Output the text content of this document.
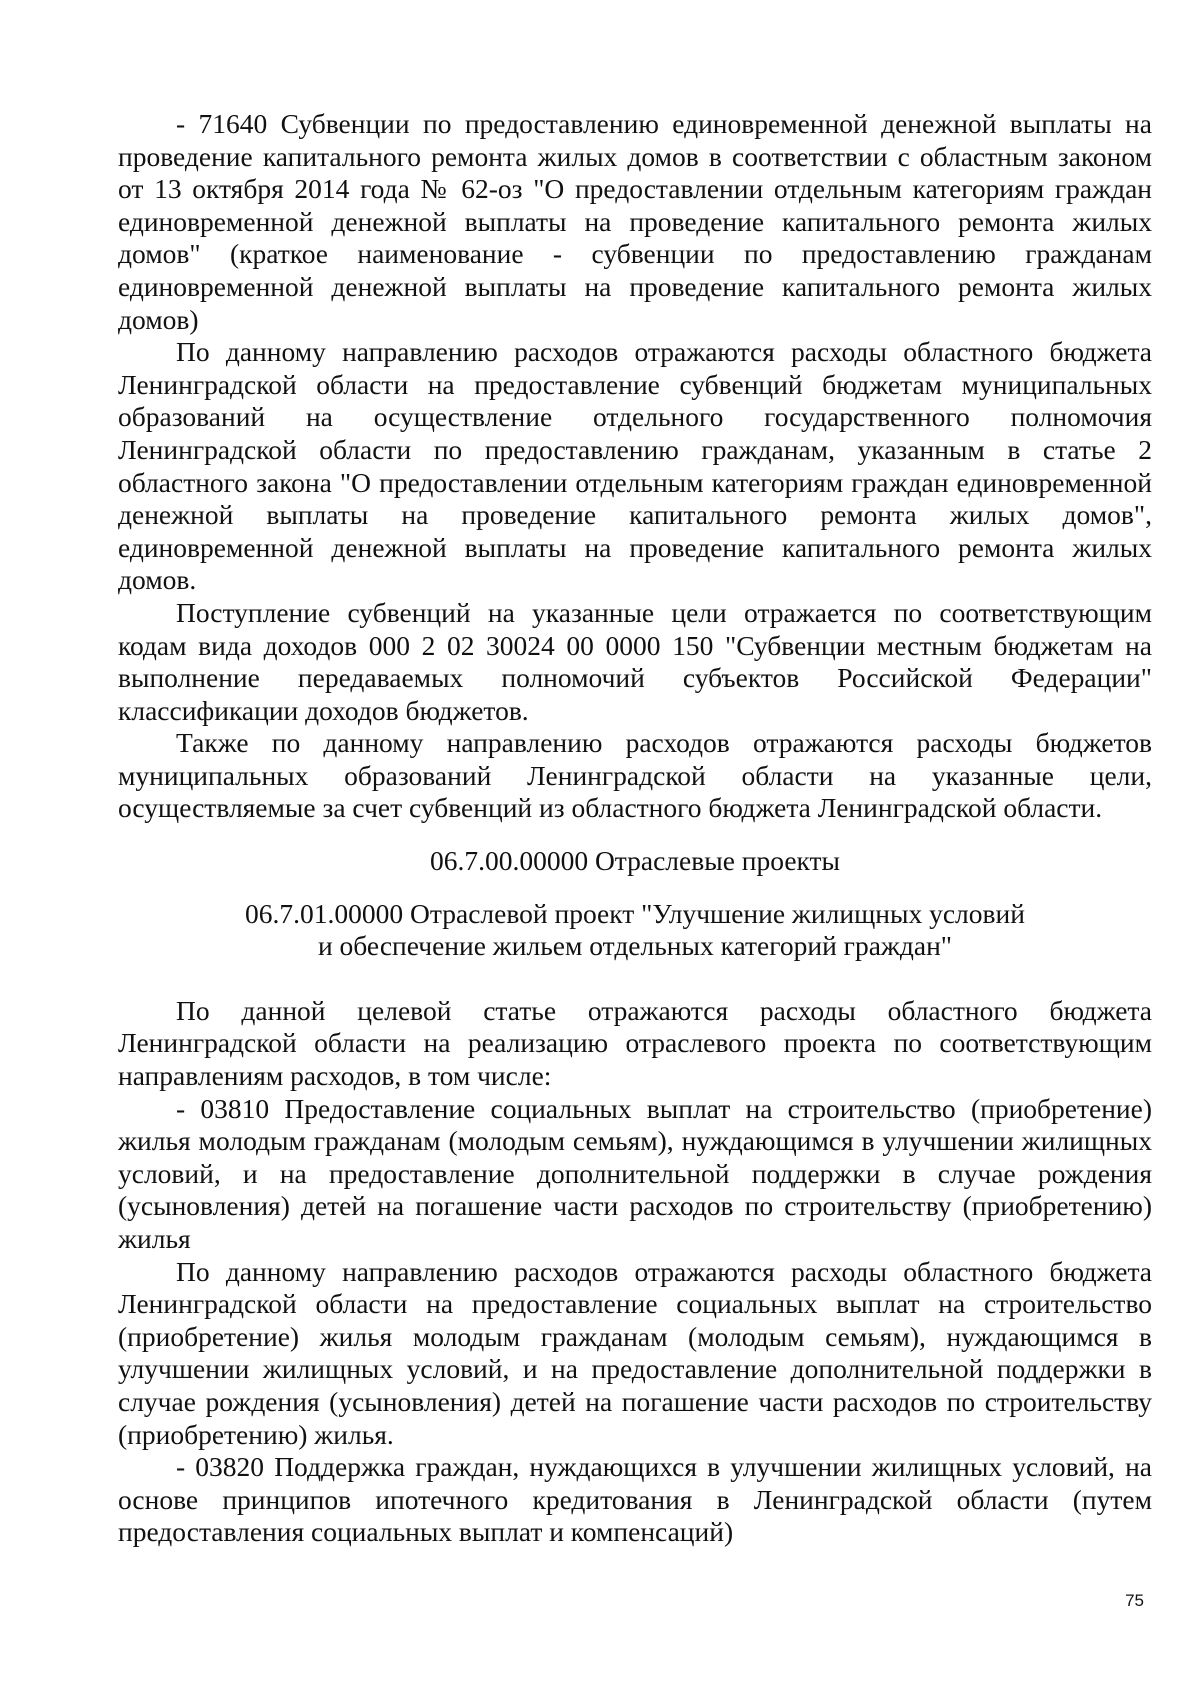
- 71640 Субвенции по предоставлению единовременной денежной выплаты на проведение капитального ремонта жилых домов в соответствии с областным законом от 13 октября 2014 года № 62-оз "О предоставлении отдельным категориям граждан единовременной денежной выплаты на проведение капитального ремонта жилых домов" (краткое наименование - субвенции по предоставлению гражданам единовременной денежной выплаты на проведение капитального ремонта жилых домов)

По данному направлению расходов отражаются расходы областного бюджета Ленинградской области на предоставление субвенций бюджетам муниципальных образований на осуществление отдельного государственного полномочия Ленинградской области по предоставлению гражданам, указанным в статье 2 областного закона "О предоставлении отдельным категориям граждан единовременной денежной выплаты на проведение капитального ремонта жилых домов", единовременной денежной выплаты на проведение капитального ремонта жилых домов.

Поступление субвенций на указанные цели отражается по соответствующим кодам вида доходов 000 2 02 30024 00 0000 150 "Субвенции местным бюджетам на выполнение передаваемых полномочий субъектов Российской Федерации" классификации доходов бюджетов.

Также по данному направлению расходов отражаются расходы бюджетов муниципальных образований Ленинградской области на указанные цели, осуществляемые за счет субвенций из областного бюджета Ленинградской области.

06.7.00.00000 Отраслевые проекты

06.7.01.00000 Отраслевой проект "Улучшение жилищных условий и обеспечение жильем отдельных категорий граждан"

По данной целевой статье отражаются расходы областного бюджета Ленинградской области на реализацию отраслевого проекта по соответствующим направлениям расходов, в том числе:

- 03810 Предоставление социальных выплат на строительство (приобретение) жилья молодым гражданам (молодым семьям), нуждающимся в улучшении жилищных условий, и на предоставление дополнительной поддержки в случае рождения (усыновления) детей на погашение части расходов по строительству (приобретению) жилья

По данному направлению расходов отражаются расходы областного бюджета Ленинградской области на предоставление социальных выплат на строительство (приобретение) жилья молодым гражданам (молодым семьям), нуждающимся в улучшении жилищных условий, и на предоставление дополнительной поддержки в случае рождения (усыновления) детей на погашение части расходов по строительству (приобретению) жилья.

- 03820 Поддержка граждан, нуждающихся в улучшении жилищных условий, на основе принципов ипотечного кредитования в Ленинградской области (путем предоставления социальных выплат и компенсаций)

75
